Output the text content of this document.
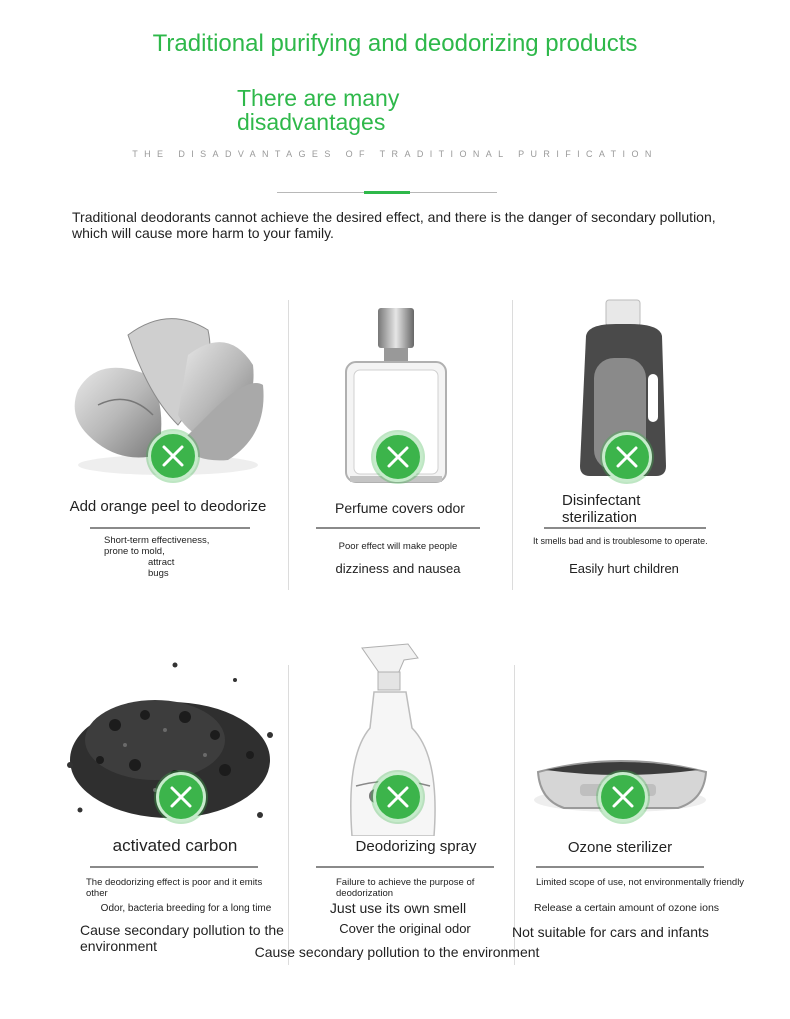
Traditional purifying and deodorizing products
There are many disadvantages
THE DISADVANTAGES OF TRADITIONAL PURIFICATION
Traditional deodorants cannot achieve the desired effect, and there is the danger of secondary pollution, which will cause more harm to your family.
Add orange peel to deodorize
Short-term effectiveness, prone to mold,
attract bugs
Perfume covers odor
Poor effect will make people
dizziness and nausea
Disinfectant sterilization
It smells bad and is troublesome to operate.
Easily hurt children
activated carbon
The deodorizing effect is poor and it emits other
Odor, bacteria breeding for a long time
Cause secondary pollution to the environment
Deodorizing spray
Failure to achieve the purpose of deodorization
Just use its own smell
Cover the original odor
Cause secondary pollution to the environment
Ozone sterilizer
Limited scope of use, not environmentally friendly
Release a certain amount of ozone ions
Not suitable for cars and infants
